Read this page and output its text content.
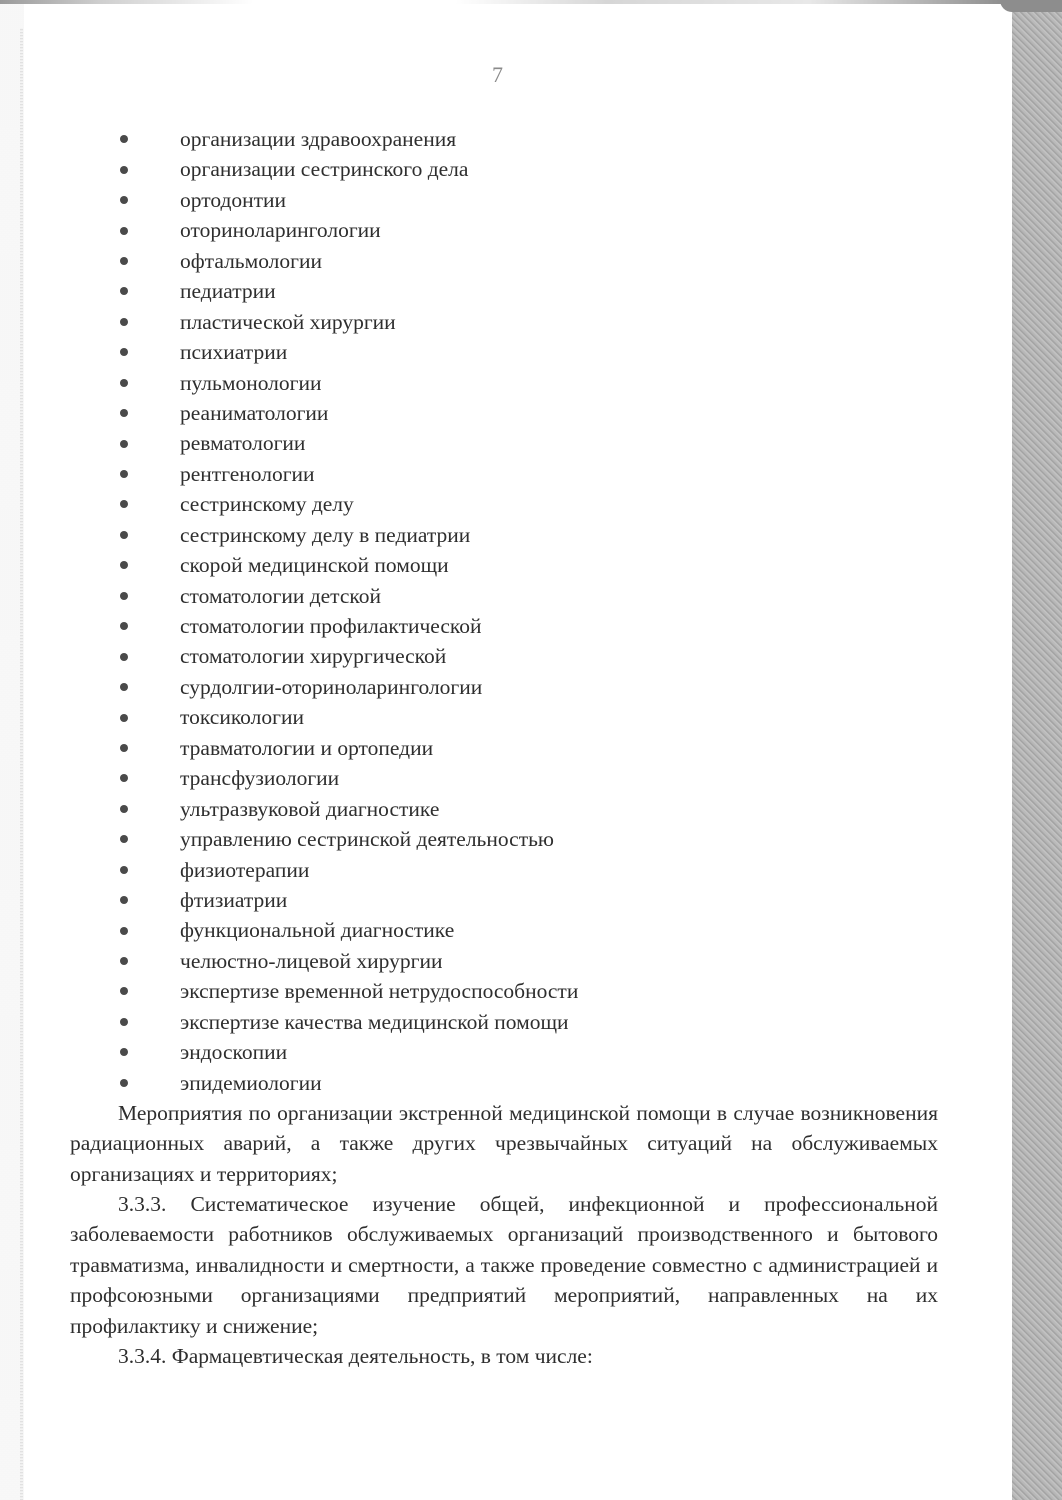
7
организации здравоохранения
организации сестринского дела
ортодонтии
оториноларингологии
офтальмологии
педиатрии
пластической хирургии
психиатрии
пульмонологии
реаниматологии
ревматологии
рентгенологии
сестринскому делу
сестринскому делу в педиатрии
скорой медицинской помощи
стоматологии детской
стоматологии профилактической
стоматологии хирургической
сурдолгии-оториноларингологии
токсикологии
травматологии и ортопедии
трансфузиологии
ультразвуковой диагностике
управлению сестринской деятельностью
физиотерапии
фтизиатрии
функциональной диагностике
челюстно-лицевой хирургии
экспертизе временной нетрудоспособности
экспертизе качества медицинской помощи
эндоскопии
эпидемиологии

Мероприятия по организации экстренной медицинской помощи в случае возникновения радиационных аварий, а также других чрезвычайных ситуаций на обслуживаемых организациях и территориях;

3.3.3. Систематическое изучение общей, инфекционной и профессиональной заболеваемости работников обслуживаемых организаций производственного и бытового травматизма, инвалидности и смертности, а также проведение совместно с администрацией и профсоюзными организациями предприятий мероприятий, направленных на их профилактику и снижение;

3.3.4. Фармацевтическая деятельность, в том числе:
